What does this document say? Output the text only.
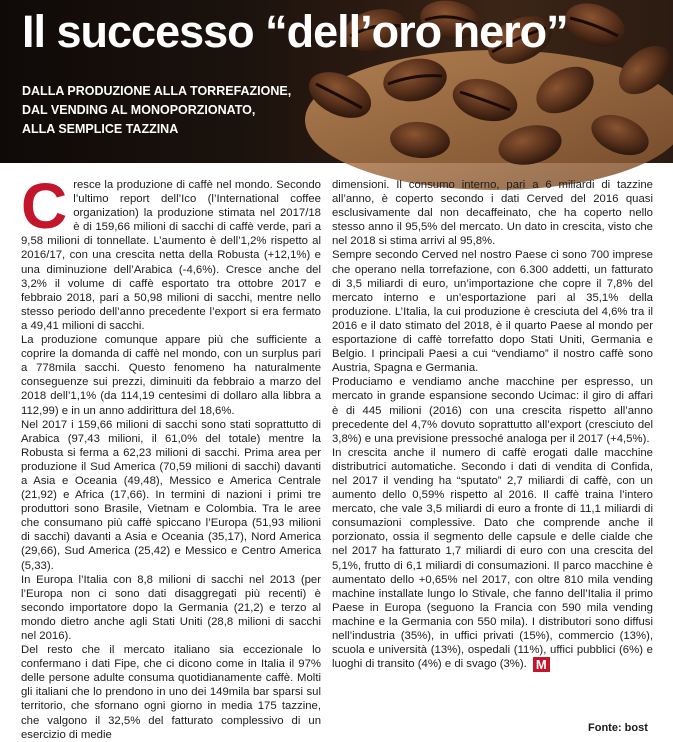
Il successo “dell’oro nero”
DALLA PRODUZIONE ALLA TORREFAZIONE,
DAL VENDING AL MONOPORZIONATO,
ALLA SEMPLICE TAZZINA

Cresce la produzione di caffè nel mondo. Secondo l’ultimo report dell’Ico (l’International coffee organization) la produzione stimata nel 2017/18 è di 159,66 milioni di sacchi di caffè verde, pari a 9,58 milioni di tonnellate. L’aumento è dell’1,2% rispetto al 2016/17, con una crescita netta della Robusta (+12,1%) e una diminuzione dell’Arabica (-4,6%). Cresce anche del 3,2% il volume di caffè esportato tra ottobre 2017 e febbraio 2018, pari a 50,98 milioni di sacchi, mentre nello stesso periodo dell’anno precedente l’export si era fermato a 49,41 milioni di sacchi.

La produzione comunque appare più che sufficiente a coprire la domanda di caffè nel mondo, con un surplus pari a 778mila sacchi. Questo fenomeno ha naturalmente conseguenze sui prezzi, diminuiti da febbraio a marzo del 2018 dell’1,1% (da 114,19 centesimi di dollaro alla libbra a 112,99) e in un anno addirittura del 18,6%.

Nel 2017 i 159,66 milioni di sacchi sono stati soprattutto di Arabica (97,43 milioni, il 61,0% del totale) mentre la Robusta si ferma a 62,23 milioni di sacchi. Prima area per produzione il Sud America (70,59 milioni di sacchi) davanti a Asia e Oceania (49,48), Messico e America Centrale (21,92) e Africa (17,66). In termini di nazioni i primi tre produttori sono Brasile, Vietnam e Colombia. Tra le aree che consumano più caffè spiccano l’Europa (51,93 milioni di sacchi) davanti a Asia e Oceania (35,17), Nord America (29,66), Sud America (25,42) e Messico e Centro America (5,33).

In Europa l’Italia con 8,8 milioni di sacchi nel 2013 (per l’Europa non ci sono dati disaggregati più recenti) è secondo importatore dopo la Germania (21,2) e terzo al mondo dietro anche agli Stati Uniti (28,8 milioni di sacchi nel 2016).

Del resto che il mercato italiano sia eccezionale lo confermano i dati Fipe, che ci dicono come in Italia il 97% delle persone adulte consuma quotidianamente caffè. Molti gli italiani che lo prendono in uno dei 149mila bar sparsi sul territorio, che sfornano ogni giorno in media 175 tazzine, che valgono il 32,5% del fatturato complessivo di un esercizio di medie

dimensioni. Il consumo interno, pari a 6 miliardi di tazzine all’anno, è coperto secondo i dati Cerved del 2016 quasi esclusivamente dal non decaffeinato, che ha coperto nello stesso anno il 95,5% del mercato. Un dato in crescita, visto che nel 2018 si stima arrivi al 95,8%.

Sempre secondo Cerved nel nostro Paese ci sono 700 imprese che operano nella torrefazione, con 6.300 addetti, un fatturato di 3,5 miliardi di euro, un’importazione che copre il 7,8% del mercato interno e un’esportazione pari al 35,1% della produzione. L’Italia, la cui produzione è cresciuta del 4,6% tra il 2016 e il dato stimato del 2018, è il quarto Paese al mondo per esportazione di caffè torrefatto dopo Stati Uniti, Germania e Belgio. I principali Paesi a cui “vendiamo” il nostro caffè sono Austria, Spagna e Germania.

Produciamo e vendiamo anche macchine per espresso, un mercato in grande espansione secondo Ucimac: il giro di affari è di 445 milioni (2016) con una crescita rispetto all’anno precedente del 4,7% dovuto soprattutto all’export (cresciuto del 3,8%) e una previsione pressoché analoga per il 2017 (+4,5%).

In crescita anche il numero di caffè erogati dalle macchine distributrici automatiche. Secondo i dati di vendita di Confida, nel 2017 il vending ha “sputato” 2,7 miliardi di caffè, con un aumento dello 0,59% rispetto al 2016. Il caffè traina l’intero mercato, che vale 3,5 miliardi di euro a fronte di 11,1 miliardi di consumazioni complessive. Dato che comprende anche il porzionato, ossia il segmento delle capsule e delle cialde che nel 2017 ha fatturato 1,7 miliardi di euro con una crescita del 5,1%, frutto di 6,1 miliardi di consumazioni. Il parco macchine è aumentato dello +0,65% nel 2017, con oltre 810 mila vending machine installate lungo lo Stivale, che fanno dell’Italia il primo Paese in Europa (seguono la Francia con 590 mila vending machine e la Germania con 550 mila). I distributori sono diffusi nell’industria (35%), in uffici privati (15%), commercio (13%), scuola e università (13%), ospedali (11%), uffici pubblici (6%) e luoghi di transito (4%) e di svago (3%). M

Fonte: bost
